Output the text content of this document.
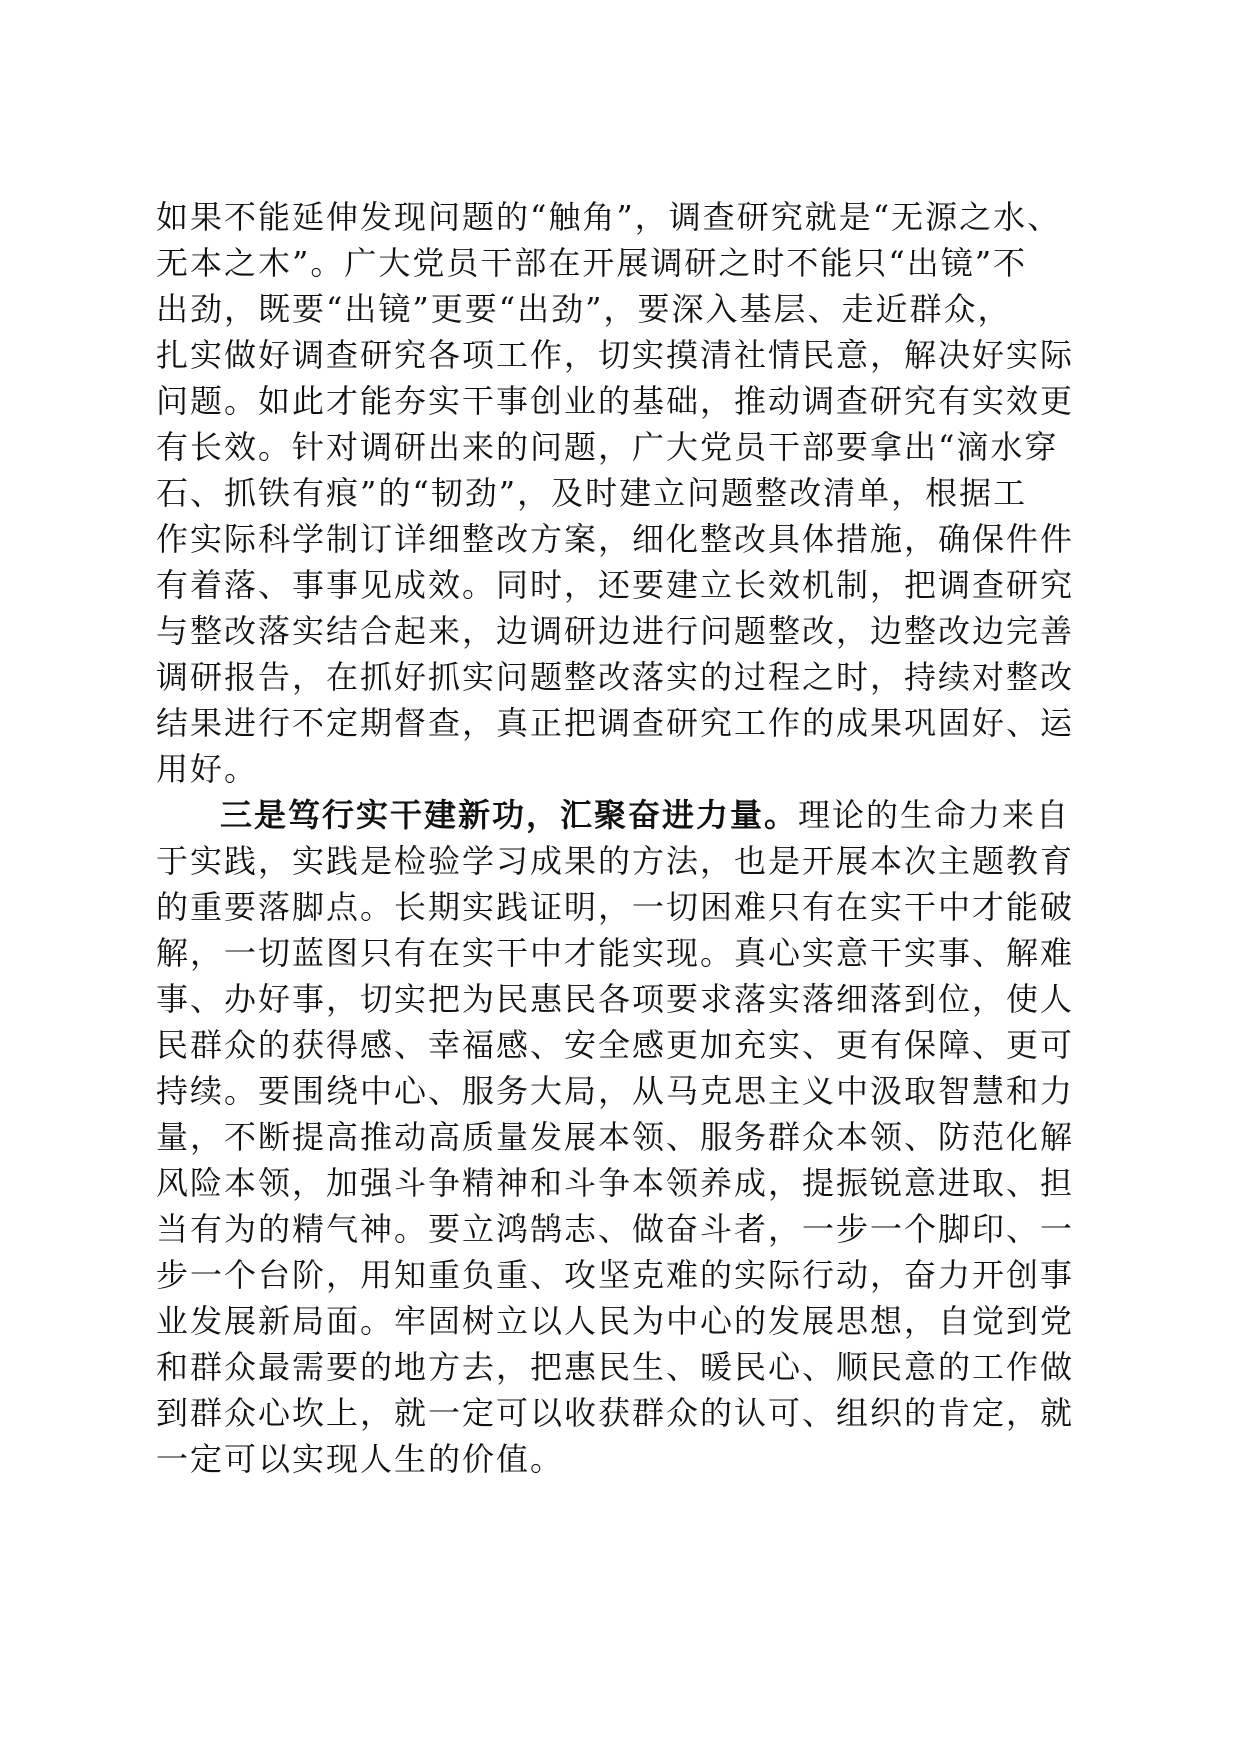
如果不能延伸发现问题的“触角”，调查研究就是“无源之水、
无本之木”。广大党员干部在开展调研之时不能只“出镜”不
出劲，既要“出镜”更要“出劲”，要深入基层、走近群众，
扎实做好调查研究各项工作，切实摸清社情民意，解决好实际
问题。如此才能夯实干事创业的基础，推动调查研究有实效更
有长效。针对调研出来的问题，广大党员干部要拿出“滴水穿
石、抓铁有痕”的“韧劲”，及时建立问题整改清单，根据工
作实际科学制订详细整改方案，细化整改具体措施，确保件件
有着落、事事见成效。同时，还要建立长效机制，把调查研究
与整改落实结合起来，边调研边进行问题整改，边整改边完善
调研报告，在抓好抓实问题整改落实的过程之时，持续对整改
结果进行不定期督查，真正把调查研究工作的成果巩固好、运
用好。
三是笃行实干建新功，汇聚奋进力量。理论的生命力来自
于实践，实践是检验学习成果的方法，也是开展本次主题教育
的重要落脚点。长期实践证明，一切困难只有在实干中才能破
解，一切蓝图只有在实干中才能实现。真心实意干实事、解难
事、办好事，切实把为民惠民各项要求落实落细落到位，使人
民群众的获得感、幸福感、安全感更加充实、更有保障、更可
持续。要围绕中心、服务大局，从马克思主义中汲取智慧和力
量，不断提高推动高质量发展本领、服务群众本领、防范化解
风险本领，加强斗争精神和斗争本领养成，提振锐意进取、担
当有为的精气神。要立鸿鹄志、做奋斗者，一步一个脚印、一
步一个台阶，用知重负重、攻坚克难的实际行动，奋力开创事
业发展新局面。牢固树立以人民为中心的发展思想，自觉到党
和群众最需要的地方去，把惠民生、暖民心、顺民意的工作做
到群众心坎上，就一定可以收获群众的认可、组织的肯定，就
一定可以实现人生的价值。
